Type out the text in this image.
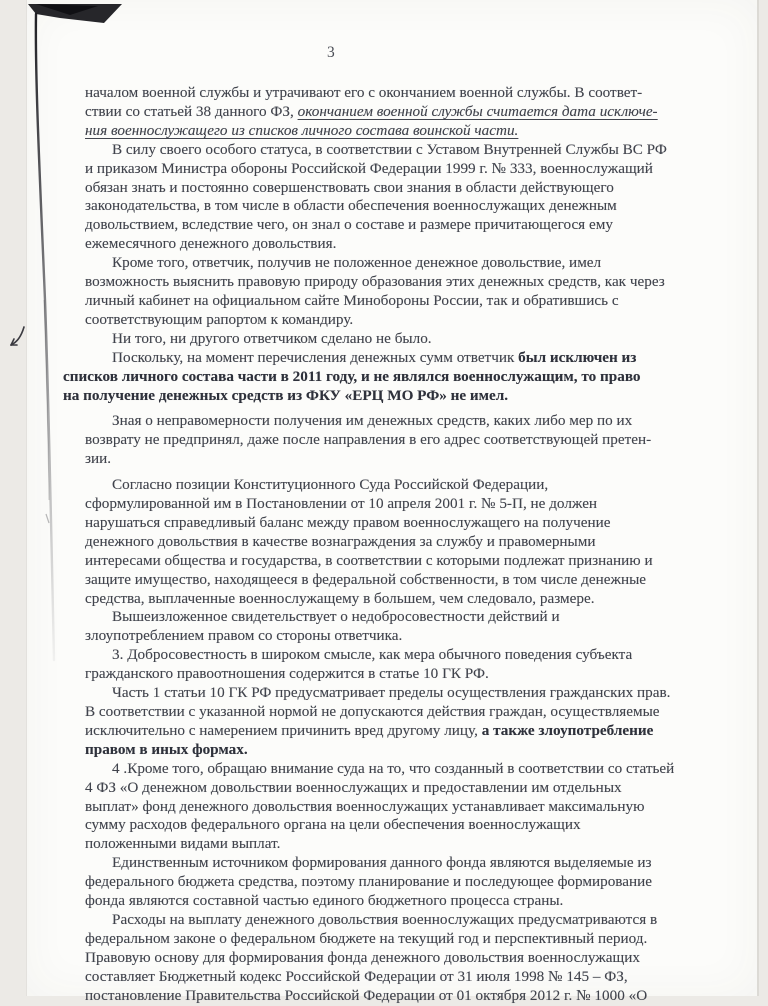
3

началом военной службы и утрачивают его с окончанием военной службы. В соответ-
ствии со статьей 38 данного ФЗ, окончанием военной службы считается дата исключе-
ния военнослужащего из списков личного состава воинской части.

В силу своего особого статуса, в соответствии с Уставом Внутренней Службы ВС РФ
и приказом Министра обороны Российской Федерации 1999 г. № 333, военнослужащий
обязан знать и постоянно совершенствовать свои знания в области действующего
законодательства, в том числе в области обеспечения военнослужащих денежным
довольствием, вследствие чего, он знал о составе и размере причитающегося ему
ежемесячного денежного довольствия.

Кроме того, ответчик, получив не положенное денежное довольствие, имел
возможность выяснить правовую природу образования этих денежных средств, как через
личный кабинет на официальном сайте Минобороны России, так и обратившись с
соответствующим рапортом к командиру.

Ни того, ни другого ответчиком сделано не было.

Поскольку, на момент перечисления денежных сумм ответчик был исключен из
списков личного состава части в 2011 году, и не являлся военнослужащим, то право
на получение денежных средств из ФКУ «ЕРЦ МО РФ» не имел.

Зная о неправомерности получения им денежных средств, каких либо мер по их
возврату не предпринял, даже после направления в его адрес соответствующей претен-
зии.

Согласно позиции Конституционного Суда Российской Федерации,
сформулированной им в Постановлении от 10 апреля 2001 г. № 5-П, не должен
нарушаться справедливый баланс между правом военнослужащего на получение
денежного довольствия в качестве вознаграждения за службу и правомерными
интересами общества и государства, в соответствии с которыми подлежат признанию и
защите имущество, находящееся в федеральной собственности, в том числе денежные
средства, выплаченные военнослужащему в большем, чем следовало, размере.

Вышеизложенное свидетельствует о недобросовестности действий и
злоупотреблением правом со стороны ответчика.

3. Добросовестность в широком смысле, как мера обычного поведения субъекта
гражданского правоотношения содержится в статье 10 ГК РФ.

Часть 1 статьи 10 ГК РФ предусматривает пределы осуществления гражданских прав.
В соответствии с указанной нормой не допускаются действия граждан, осуществляемые
исключительно с намерением причинить вред другому лицу, а также злоупотребление
правом в иных формах.

4 .Кроме того, обращаю внимание суда на то, что созданный в соответствии со статьей
4 ФЗ «О денежном довольствии военнослужащих и предоставлении им отдельных
выплат» фонд денежного довольствия военнослужащих устанавливает максимальную
сумму расходов федерального органа на цели обеспечения военнослужащих
положенными видами выплат.

Единственным источником формирования данного фонда являются выделяемые из
федерального бюджета средства, поэтому планирование и последующее формирование
фонда являются составной частью единого бюджетного процесса страны.

Расходы на выплату денежного довольствия военнослужащих предусматриваются в
федеральном законе о федеральном бюджете на текущий год и перспективный период.
Правовую основу для формирования фонда денежного довольствия военнослужащих
составляет Бюджетный кодекс Российской Федерации от 31 июля 1998 № 145 – ФЗ,
постановление Правительства Российской Федерации от 01 октября 2012 г. № 1000 «О
